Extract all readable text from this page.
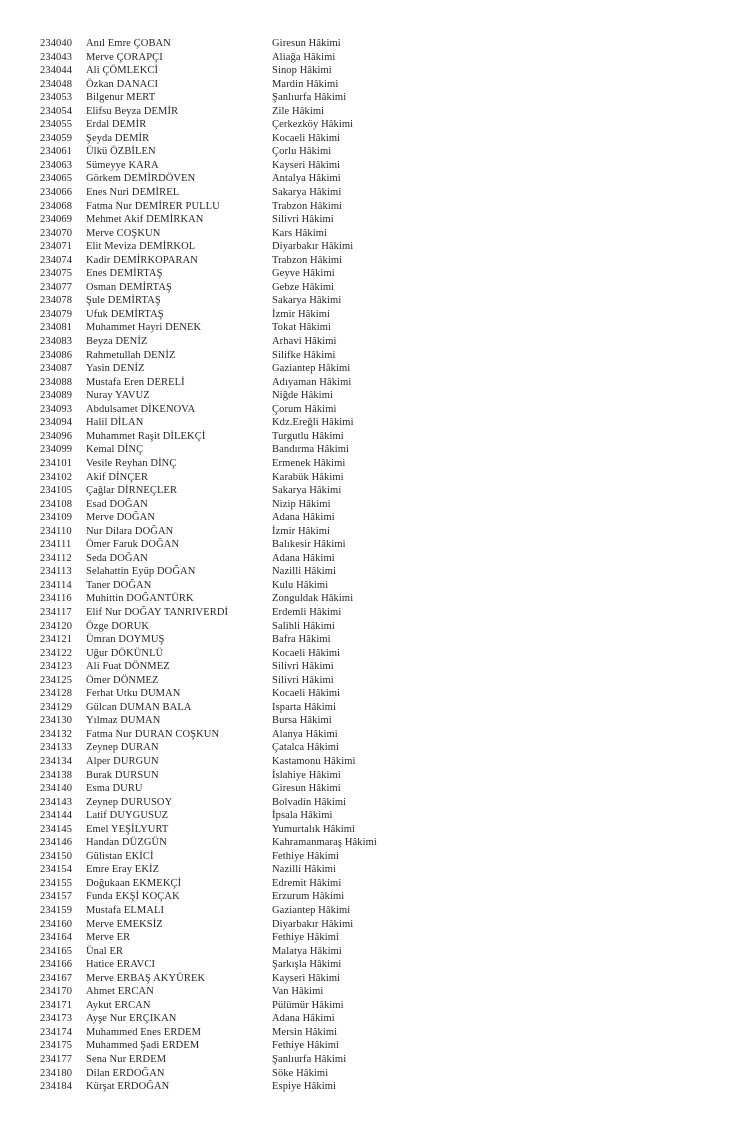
234040 Anıl Emre ÇOBAN	Giresun Hâkimi
234043 Merve ÇORAPÇI	Aliağa Hâkimi
234044 Ali ÇÖMLEKCİ	Sinop Hâkimi
234048 Özkan DANACI	Mardin Hâkimi
234053 Bilgenur MERT	Şanlıurfa Hâkimi
234054 Elifsu Beyza DEMİR	Zile Hâkimi
234055 Erdal DEMİR	Çerkezköy Hâkimi
234059 Şeyda DEMİR	Kocaeli Hâkimi
234061 Ülkü ÖZBİLEN	Çorlu Hâkimi
234063 Sümeyye KARA	Kayseri Hâkimi
234065 Görkem DEMİRDÖVEN	Antalya Hâkimi
234066 Enes Nuri DEMİREL	Sakarya Hâkimi
234068 Fatma Nur DEMİRER PULLU	Trabzon Hâkimi
234069 Mehmet Akif DEMİRKAN	Silivri Hâkimi
234070 Merve COŞKUN	Kars Hâkimi
234071 Elit Meviza DEMİRKOL	Diyarbakır Hâkimi
234074 Kadir DEMİRKOPARAN	Trabzon Hâkimi
234075 Enes DEMİRTAŞ	Geyve Hâkimi
234077 Osman DEMİRTAŞ	Gebze Hâkimi
234078 Şule DEMİRTAŞ	Sakarya Hâkimi
234079 Ufuk DEMİRTAŞ	İzmir Hâkimi
234081 Muhammet Hayri DENEK	Tokat Hâkimi
234083 Beyza DENİZ	Arhavi Hâkimi
234086 Rahmetullah DENİZ	Silifke Hâkimi
234087 Yasin DENİZ	Gaziantep Hâkimi
234088 Mustafa Eren DERELİ	Adıyaman Hâkimi
234089 Nuray YAVUZ	Niğde Hâkimi
234093 Abdulsamet DİKENOVA	Çorum Hâkimi
234094 Halil DİLAN	Kdz.Ereğli Hâkimi
234096 Muhammet Raşit DİLEKÇİ	Turgutlu Hâkimi
234099 Kemal DİNÇ	Bandırma Hâkimi
234101 Vesile Reyhan DİNÇ	Ermenek Hâkimi
234102 Akif DİNÇER	Karabük Hâkimi
234105 Çağlar DİRNEÇLER	Sakarya Hâkimi
234108 Esad DOĞAN	Nizip Hâkimi
234109 Merve DOĞAN	Adana Hâkimi
234110 Nur Dilara DOĞAN	İzmir Hâkimi
234111 Ömer Faruk DOĞAN	Balıkesir Hâkimi
234112 Seda DOĞAN	Adana Hâkimi
234113 Selahattin Eyüp DOĞAN	Nazilli Hâkimi
234114 Taner DOĞAN	Kulu Hâkimi
234116 Muhittin DOĞANTÜRK	Zonguldak Hâkimi
234117 Elif Nur DOĞAY TANRIVERDİ	Erdemli Hâkimi
234120 Özge DORUK	Salihli Hâkimi
234121 Ümran DOYMUŞ	Bafra Hâkimi
234122 Uğur DÖKÜNLÜ	Kocaeli Hâkimi
234123 Ali Fuat DÖNMEZ	Silivri Hâkimi
234125 Ömer DÖNMEZ	Silivri Hâkimi
234128 Ferhat Utku DUMAN	Kocaeli Hâkimi
234129 Gülcan DUMAN BALA	Isparta Hâkimi
234130 Yılmaz DUMAN	Bursa Hâkimi
234132 Fatma Nur DURAN COŞKUN	Alanya Hâkimi
234133 Zeynep DURAN	Çatalca Hâkimi
234134 Alper DURGUN	Kastamonu Hâkimi
234138 Burak DURSUN	İslahiye Hâkimi
234140 Esma DURU	Giresun Hâkimi
234143 Zeynep DURUSOY	Bolvadin Hâkimi
234144 Latif DUYGUSUZ	İpsala Hâkimi
234145 Emel YEŞİLYURT	Yumurtalık Hâkimi
234146 Handan DÜZGÜN	Kahramanmaraş Hâkimi
234150 Gülistan EKİCİ	Fethiye Hâkimi
234154 Emre Eray EKİZ	Nazilli Hâkimi
234155 Doğukaan EKMEKÇİ	Edremit Hâkimi
234157 Funda EKŞİ KOÇAK	Erzurum Hâkimi
234159 Mustafa ELMALI	Gaziantep Hâkimi
234160 Merve EMEKSİZ	Diyarbakır Hâkimi
234164 Merve ER	Fethiye Hâkimi
234165 Ünal ER	Malatya Hâkimi
234166 Hatice ERAVCI	Şarkışla Hâkimi
234167 Merve ERBAŞ AKYÜREK	Kayseri Hâkimi
234170 Ahmet ERCAN	Van Hâkimi
234171 Aykut ERCAN	Pülümür Hâkimi
234173 Ayşe Nur ERÇIKAN	Adana Hâkimi
234174 Muhammed Enes ERDEM	Mersin Hâkimi
234175 Muhammed Şadi ERDEM	Fethiye Hâkimi
234177 Sena Nur ERDEM	Şanlıurfa Hâkimi
234180 Dilan ERDOĞAN	Söke Hâkimi
234184 Kürşat ERDOĞAN	Espiye Hâkimi
